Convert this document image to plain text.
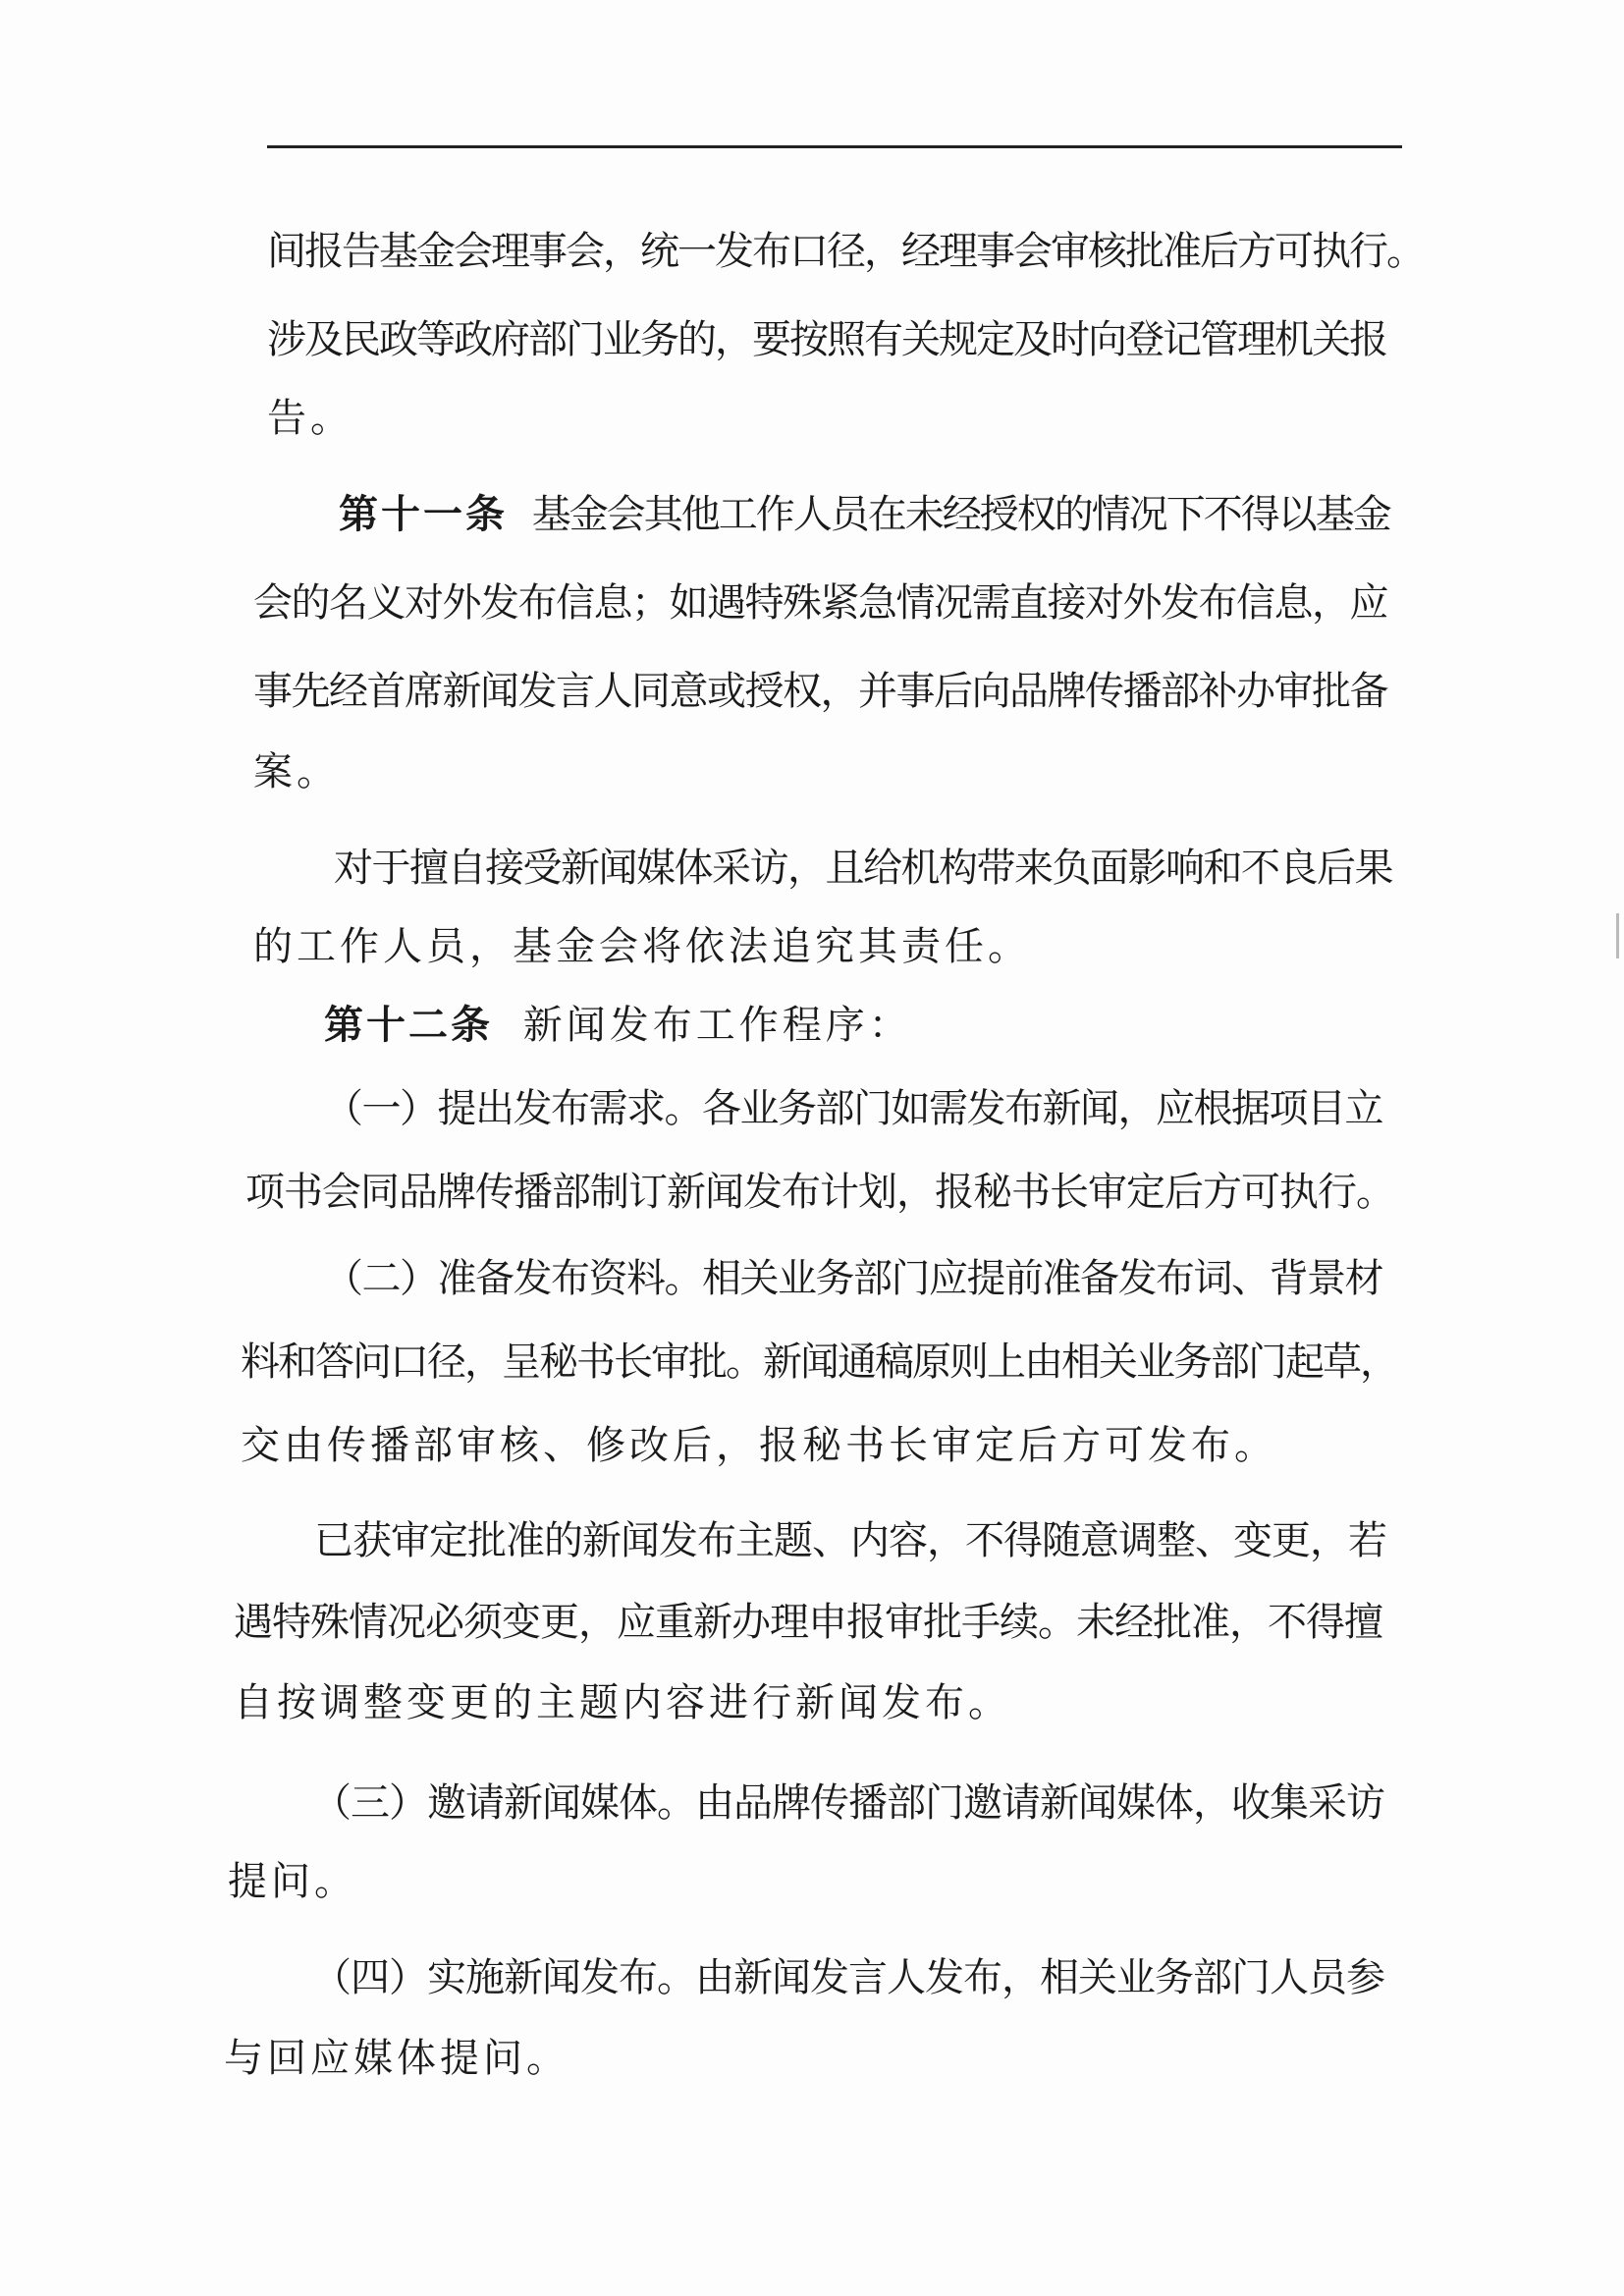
间报告基金会理事会，统一发布口径，经理事会审核批准后方可执行。
涉及民政等政府部门业务的，要按照有关规定及时向登记管理机关报
告。
第十一条 基金会其他工作人员在未经授权的情况下不得以基金
会的名义对外发布信息；如遇特殊紧急情况需直接对外发布信息，应
事先经首席新闻发言人同意或授权，并事后向品牌传播部补办审批备
案。
对于擅自接受新闻媒体采访，且给机构带来负面影响和不良后果
的工作人员，基金会将依法追究其责任。
第十二条 新闻发布工作程序：
（一）提出发布需求。各业务部门如需发布新闻，应根据项目立
项书会同品牌传播部制订新闻发布计划，报秘书长审定后方可执行。
（二）准备发布资料。相关业务部门应提前准备发布词、背景材
料和答问口径，呈秘书长审批。新闻通稿原则上由相关业务部门起草，
交由传播部审核、修改后，报秘书长审定后方可发布。
已获审定批准的新闻发布主题、内容，不得随意调整、变更，若
遇特殊情况必须变更，应重新办理申报审批手续。未经批准，不得擅
自按调整变更的主题内容进行新闻发布。
（三）邀请新闻媒体。由品牌传播部门邀请新闻媒体，收集采访
提问。
（四）实施新闻发布。由新闻发言人发布，相关业务部门人员参
与回应媒体提问。
